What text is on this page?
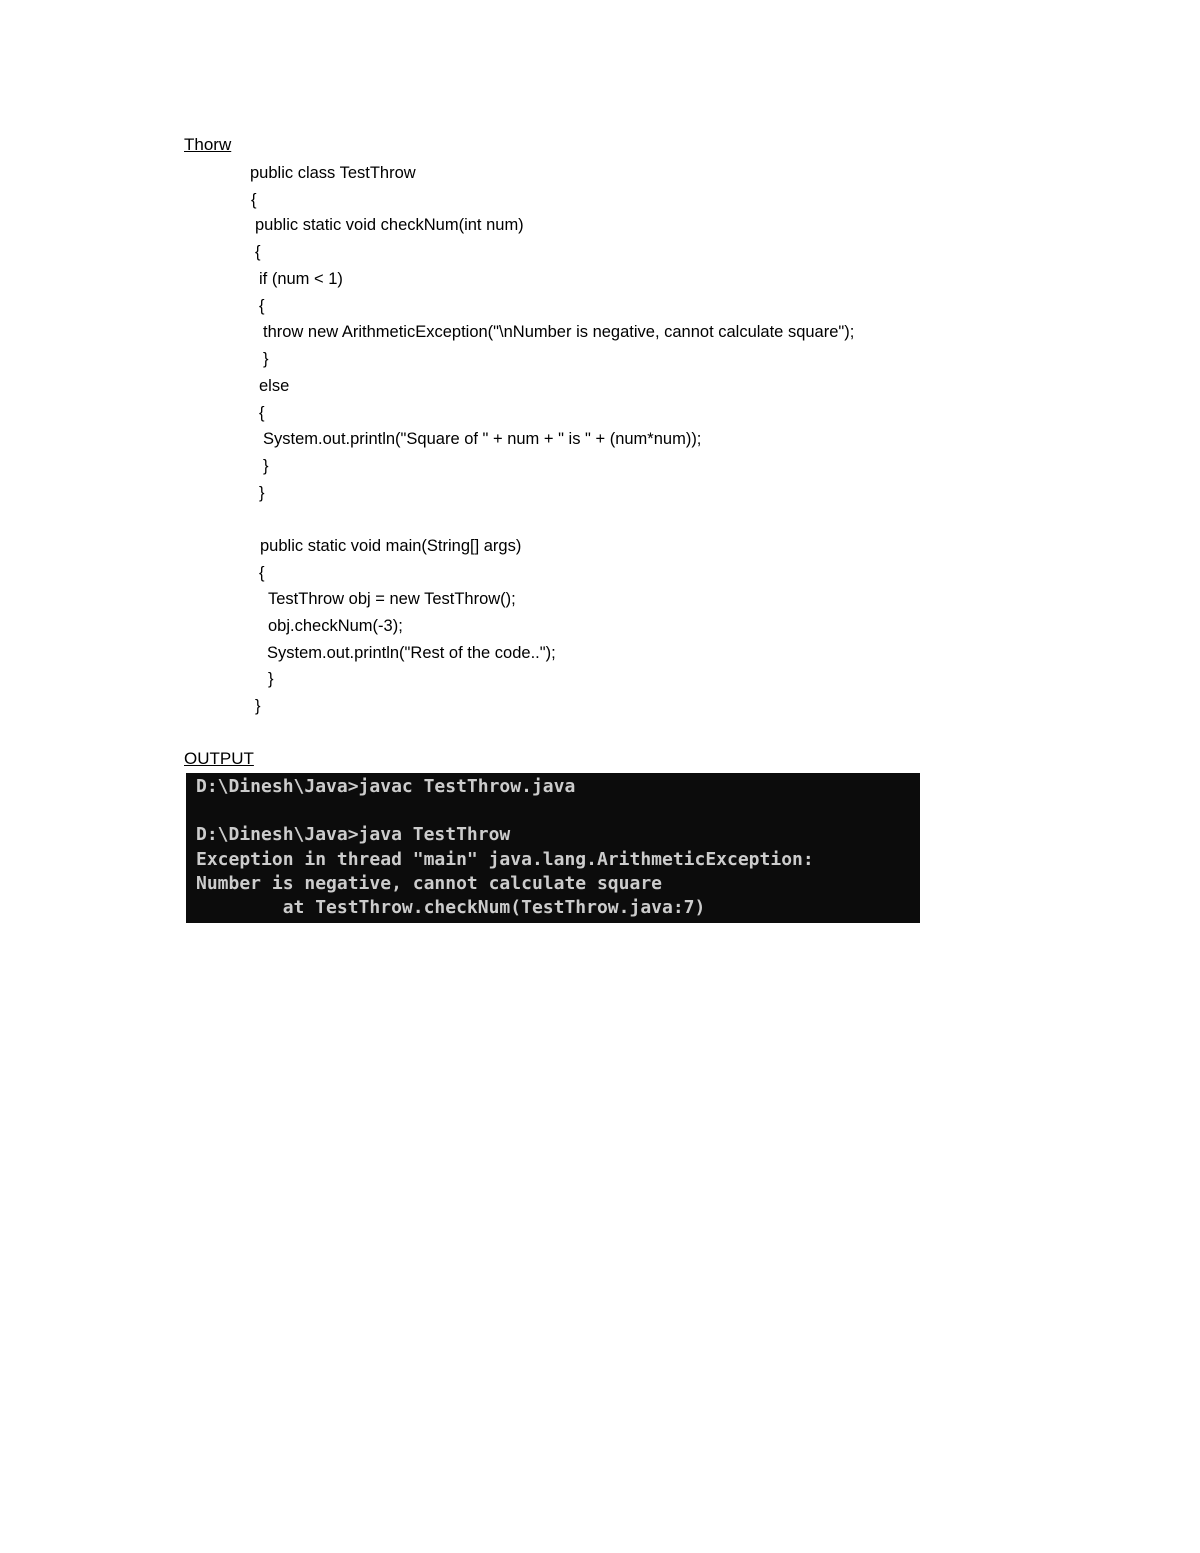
Thorw
public class TestThrow
{
public static void checkNum(int num)
{
if (num < 1)
{
throw new ArithmeticException("\nNumber is negative, cannot calculate square");
}
else
{
System.out.println("Square of " + num + " is " + (num*num));
}
}
public static void main(String[] args)
{
TestThrow obj = new TestThrow();
obj.checkNum(-3);
System.out.println("Rest of the code..");
}
}
OUTPUT
D:\Dinesh\Java>javac TestThrow.java
D:\Dinesh\Java>java TestThrow
Exception in thread "main" java.lang.ArithmeticException:
Number is negative, cannot calculate square
at TestThrow.checkNum(TestThrow.java:7)
